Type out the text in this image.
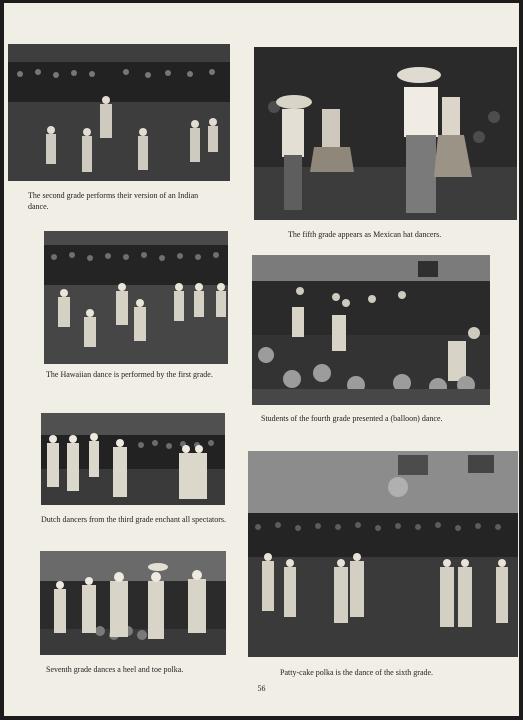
The second grade performs their version of an Indian dance.

The fifth grade appears as Mexican hat dancers.

The Hawaiian dance is performed by the first grade.

Students of the fourth grade presented a (balloon) dance.

Dutch dancers from the third grade enchant all spectators.

Patty-cake polka is the dance of the sixth grade.

Seventh grade dances a heel and toe polka.

56
